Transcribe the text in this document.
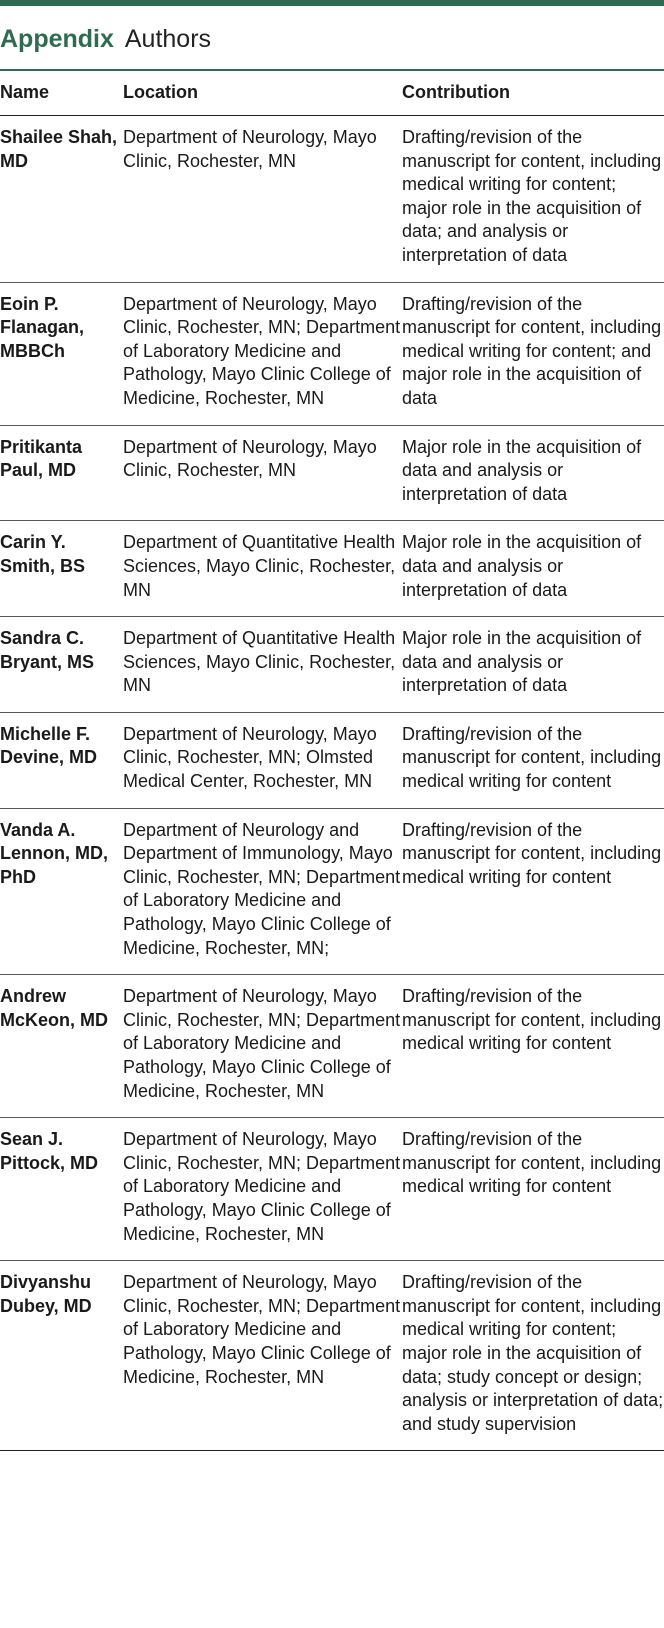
Appendix Authors
Name	Location	Contribution

Shailee Shah, MD	Department of Neurology, Mayo Clinic, Rochester, MN	Drafting/revision of the manuscript for content, including medical writing for content; major role in the acquisition of data; and analysis or interpretation of data

Eoin P. Flanagan, MBBCh	Department of Neurology, Mayo Clinic, Rochester, MN; Department of Laboratory Medicine and Pathology, Mayo Clinic College of Medicine, Rochester, MN	Drafting/revision of the manuscript for content, including medical writing for content; and major role in the acquisition of data

Pritikanta Paul, MD	Department of Neurology, Mayo Clinic, Rochester, MN	Major role in the acquisition of data and analysis or interpretation of data

Carin Y. Smith, BS	Department of Quantitative Health Sciences, Mayo Clinic, Rochester, MN	Major role in the acquisition of data and analysis or interpretation of data

Sandra C. Bryant, MS	Department of Quantitative Health Sciences, Mayo Clinic, Rochester, MN	Major role in the acquisition of data and analysis or interpretation of data

Michelle F. Devine, MD	Department of Neurology, Mayo Clinic, Rochester, MN; Olmsted Medical Center, Rochester, MN	Drafting/revision of the manuscript for content, including medical writing for content

Vanda A. Lennon, MD, PhD	Department of Neurology and Department of Immunology, Mayo Clinic, Rochester, MN; Department of Laboratory Medicine and Pathology, Mayo Clinic College of Medicine, Rochester, MN;	Drafting/revision of the manuscript for content, including medical writing for content

Andrew McKeon, MD	Department of Neurology, Mayo Clinic, Rochester, MN; Department of Laboratory Medicine and Pathology, Mayo Clinic College of Medicine, Rochester, MN	Drafting/revision of the manuscript for content, including medical writing for content

Sean J. Pittock, MD	Department of Neurology, Mayo Clinic, Rochester, MN; Department of Laboratory Medicine and Pathology, Mayo Clinic College of Medicine, Rochester, MN	Drafting/revision of the manuscript for content, including medical writing for content

Divyanshu Dubey, MD	Department of Neurology, Mayo Clinic, Rochester, MN; Department of Laboratory Medicine and Pathology, Mayo Clinic College of Medicine, Rochester, MN	Drafting/revision of the manuscript for content, including medical writing for content; major role in the acquisition of data; study concept or design; analysis or interpretation of data; and study supervision
